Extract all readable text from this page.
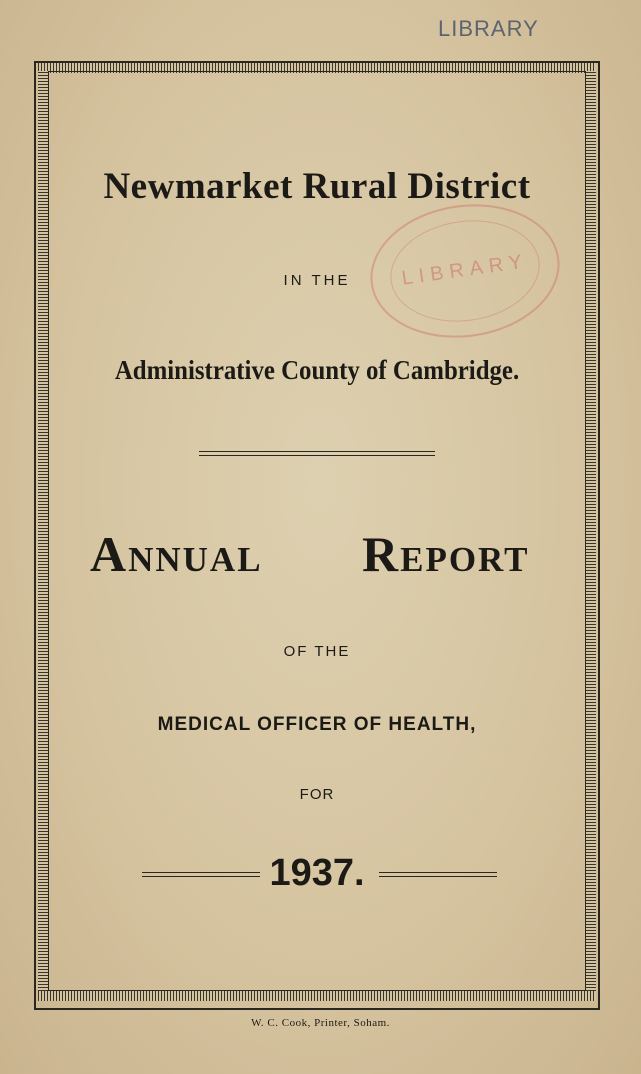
LIBRARY
LIBRARY
Newmarket Rural District
IN THE
Administrative County of Cambridge.
Annual Report
OF THE
MEDICAL OFFICER OF HEALTH,
FOR
1937.
W. C. Cook, Printer, Soham.
